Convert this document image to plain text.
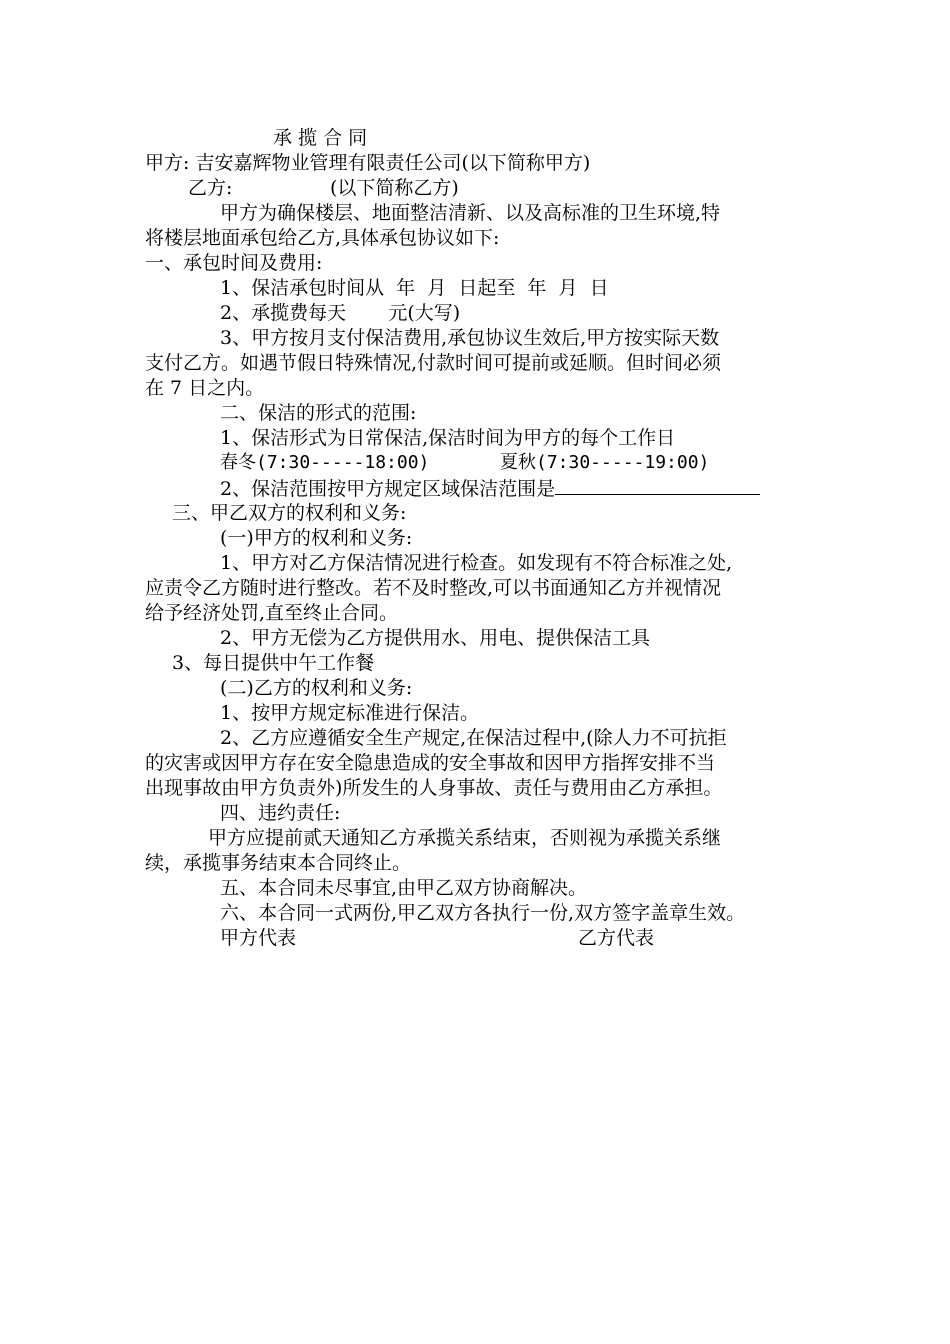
承 揽 合 同
甲方: 吉安嘉辉物业管理有限责任公司(以下简称甲方)
乙方:	(以下简称乙方)
甲方为确保楼层、地面整洁清新、以及高标准的卫生环境,特
将楼层地面承包给乙方,具体承包协议如下:
一、承包时间及费用:
1、保洁承包时间从  年  月  日起至  年  月  日
2、承揽费每天       元(大写)
3、甲方按月支付保洁费用,承包协议生效后,甲方按实际天数
支付乙方。如遇节假日特殊情况,付款时间可提前或延顺。但时间必须
在 7 日之内。
二、保洁的形式的范围:
1、保洁形式为日常保洁,保洁时间为甲方的每个工作日
春冬(7:30-----18:00)	夏秋(7:30-----19:00)
2、保洁范围按甲方规定区域保洁范围是
三、甲乙双方的权利和义务:
(一)甲方的权利和义务:
1、甲方对乙方保洁情况进行检查。如发现有不符合标准之处,
应责令乙方随时进行整改。若不及时整改,可以书面通知乙方并视情况
给予经济处罚,直至终止合同。
2、甲方无偿为乙方提供用水、用电、提供保洁工具
3、每日提供中午工作餐
(二)乙方的权利和义务:
1、按甲方规定标准进行保洁。
2、乙方应遵循安全生产规定,在保洁过程中,(除人力不可抗拒
的灾害或因甲方存在安全隐患造成的安全事故和因甲方指挥安排不当
出现事故由甲方负责外)所发生的人身事故、责任与费用由乙方承担。
四、违约责任:
甲方应提前贰天通知乙方承揽关系结束，否则视为承揽关系继
续，承揽事务结束本合同终止。
五、本合同未尽事宜,由甲乙双方协商解决。
六、本合同一式两份,甲乙双方各执行一份,双方签字盖章生效。
甲方代表	乙方代表
